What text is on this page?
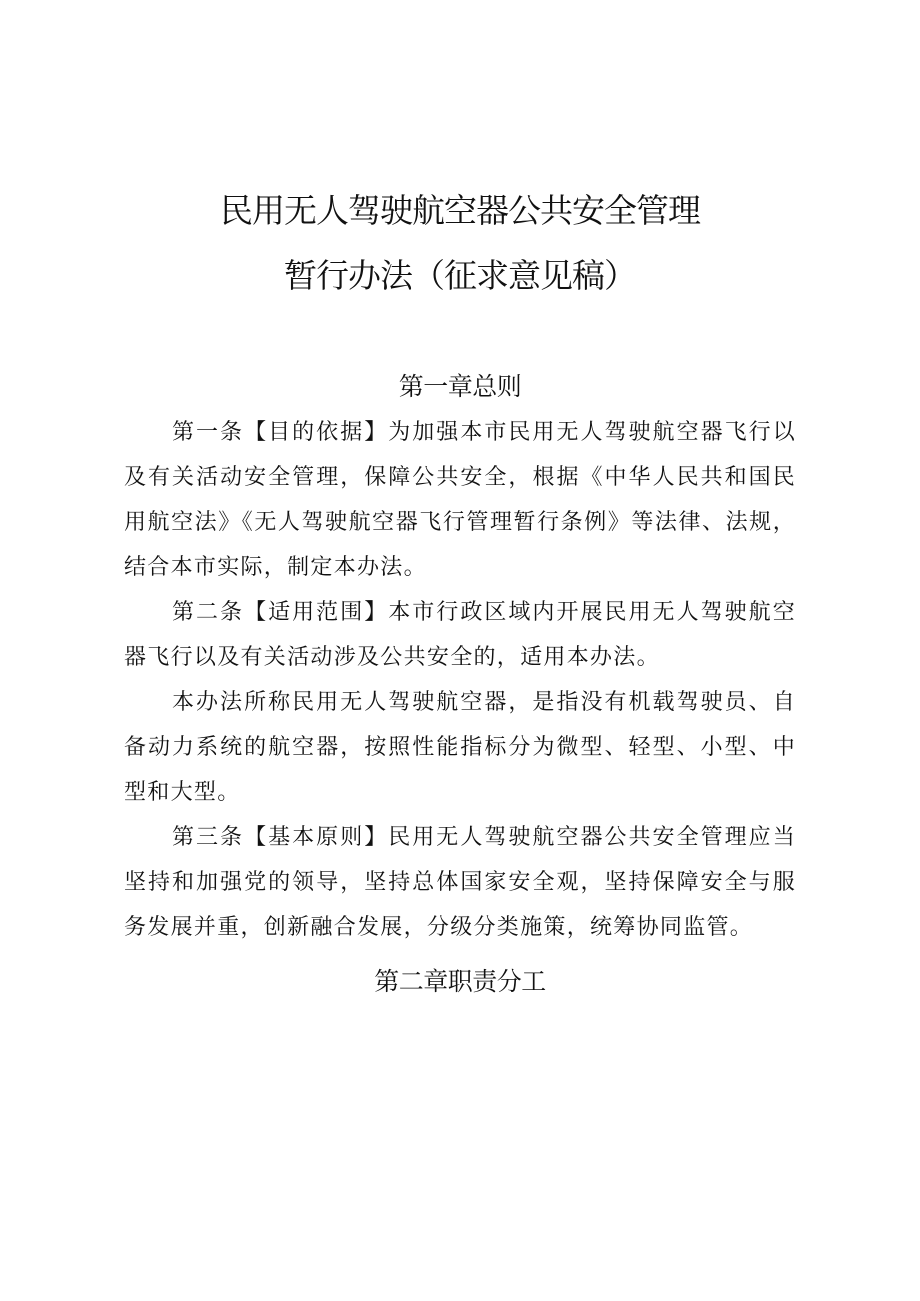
民用无人驾驶航空器公共安全管理
暂行办法（征求意见稿）
第一章总则

第一条【目的依据】为加强本市民用无人驾驶航空器飞行以及有关活动安全管理，保障公共安全，根据《中华人民共和国民用航空法》《无人驾驶航空器飞行管理暂行条例》等法律、法规，结合本市实际，制定本办法。

第二条【适用范围】本市行政区域内开展民用无人驾驶航空器飞行以及有关活动涉及公共安全的，适用本办法。

本办法所称民用无人驾驶航空器，是指没有机载驾驶员、自备动力系统的航空器，按照性能指标分为微型、轻型、小型、中型和大型。

第三条【基本原则】民用无人驾驶航空器公共安全管理应当坚持和加强党的领导，坚持总体国家安全观，坚持保障安全与服务发展并重，创新融合发展，分级分类施策，统筹协同监管。

第二章职责分工
